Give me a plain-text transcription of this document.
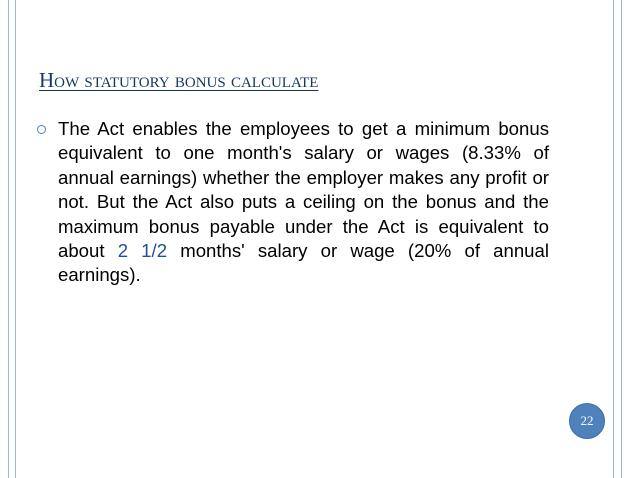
How statutory bonus calculate

The Act enables the employees to get a minimum bonus equivalent to one month's salary or wages (8.33% of annual earnings) whether the employer makes any profit or not. But the Act also puts a ceiling on the bonus and the maximum bonus payable under the Act is equivalent to about 2 1/2 months' salary or wage (20% of annual earnings).

22
